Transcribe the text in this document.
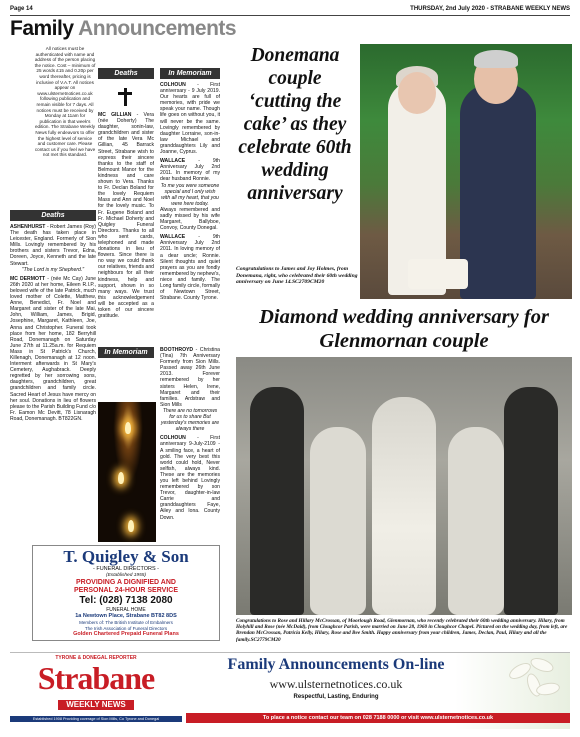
Page 14	THURSDAY, 2nd July 2020 - STRABANE WEEKLY NEWS
Family Announcements
All notices must be authenticated with name and address of the person placing the notice. Cost – minimum of 25 words £15 and 0.20p per word thereafter, pricing is inclusive of V.A.T. All notices appear on www.ulsternetnotices.co.uk following publication and remain visible for 7 days. All notices must be received by Monday at 11am for publication in that week's edition. The Strabane Weekly News fully endeavors to offer the highest level of service and customer care. Please contact us if you feel we have not met this standard.
Deaths

ASHENHURST - Robert James (Roy) The death has taken place in Leicester, England. Formerly of Sion Mills. Lovingly remembered by his brothers and sisters Trevor, Edna, Doreen, Joyce, Kenneth and the late Stewart.
"The Lord is my Shepherd."

MC DERMOTT - (née Mc Cay) June 26th 2020 at her home, Eileen R.I.P., beloved wife of the late Patrick, much loved mother of Colette, Matthew, Anne, Benedict, Fr. Noel and Margaret and sister of the late Mai, John, William, James, Brigid, Josephine, Margaret, Kathleen, Joe, Anna and Christopher. Funeral took place from her home, 182 Berryhill Road, Donemanagh on Saturday June 27th at 11.25a.m. for Requiem Mass in St Patrick's Church, Killenagh, Donemanagh at 12 noon. Interment afterwards in St Mary's Cemetery, Aughabrack. Deeply regretted by her sorrowing sons, daughters, grandchildren, great grandchildren and family circle. Sacred Heart of Jesus have mercy on her soul. Donations in lieu of flowers please to the Parish Building Fund c/o Fr. Eamon Mc Devitt, 78 Lisnaragh Road, Donemanagh. BT822GN.

Deaths

MC GILLIAN - Vera (née Doherty) The daughter, sonin-law, grandchildren and sister of the late Vera Mc Gillian, 45 Barrack Street, Strabane wish to express their sincere thanks to the staff of Belmount Manor for the kindness and care shown to Vera. Thanks to Fr. Declan Boland for the lovely Requiem Mass and Ann and Noel for the lovely music. To Fr. Eugene Boland and Fr. Michael Doherty and Quigley Funeral Directors. Thanks to all who sent cards, telephoned and made donations in lieu of flowers. Since there is no way we could thank our relatives, friends and neighbours for all their kindness, help and support, shown in so many ways. We trust this acknowledgement will be accepted as a token of our sincere gratitude.

In Memoriam
In Memoriam

COLHOUN - First anniversary - 9 July 2019. Our hearts are full of memories, with pride we speak your name. Though life goes on without you, it will never be the same. Lovingly remembered by daughter Lorraine, son-in-law Michael and granddaughters Lily and Joanne, Cyprus.

WALLACE	- 9th Anniversary July 2nd 2011. In memory of my dear husband Ronnie.
To me you were someone special and I only wish with all my heart, that you were here today.
Always remembered and sadly missed by his wife Margaret, Ballyboe, Convoy, County Donegal.

WALLACE	- 9th Anniversary July 2nd 2011. In loving memory of a dear uncle; Ronnie. Silent thoughts and quiet prayers as you are fondly remembered by nephew's, niece and family. The Long family circle, formally of Newtown Street, Strabane. County Tyrone.

BOOTHROYD - Christina (Tina) 7th Anniversary Formerly from Sion Mills. Passed away 26th June 2013. Forever remembered by her sisters Helen, Irene, Margaret and their families. Ardstraw and Sion Mills
There are no tomorrows for us to share But yesterday's memories are always there

COLHOUN - First anniversary 9-July-2109 - A smiling face, a heart of gold. The very best this world could hold, Never selfish, always kind. These are the memories you left behind Lovingly remembered by son Trevor, daughter-in-law Carrie and granddaughters Faye, Ailey and Iona. County Down.

Donemana couple ‘cutting the cake’ as they celebrate 60th wedding anniversary
Congratulations to James and Joy Holmes, from Donemana, right, who celebrated their 60th wedding anniversary on June 14.SC2709CM20
Diamond wedding anniversary for Glenmornan couple
Congratulations to Rose and Hillary McCrossan, of Moorlough Road, Glenmornan, who recently celebrated their 60th wedding anniversary. Hilary, from Holyhill and Rose (née McDaid), from Cloughcor Parish, were married on June 28, 1960 in Cloughcor Chapel. Pictured on the wedding day, from left, are Brendan McCrossan, Patricia Kelly, Hilary, Rose and Bee Smith. Happy anniversary from your children, James, Declan, Paul, Hilary and all the family.SC2779CM20
T. Quigley & Son
- FUNERAL DIRECTORS -
(Established 1955)
PROVIDING A DIGNIFIED AND
PERSONAL 24-HOUR SERVICE
Tel: (028) 7138 2080
FUNERAL HOME
1a Newtown Place, Strabane BT82 8DS
Members of: The British Institute of Embalmers
The Irish Association of Funeral Directors
Golden Chartered Prepaid Funeral Plans
TYRONE & DONEGAL REPORTER
Strabane
WEEKLY NEWS
Established 1908 Providing coverage of Sion Mills, Co Tyrone and Donegal
Family Announcements On-line
www.ulsternetnotices.co.uk
Respectful, Lasting, Enduring
To place a notice contact our team on 028 7188 0000 or visit www.ulsternetnotices.co.uk
